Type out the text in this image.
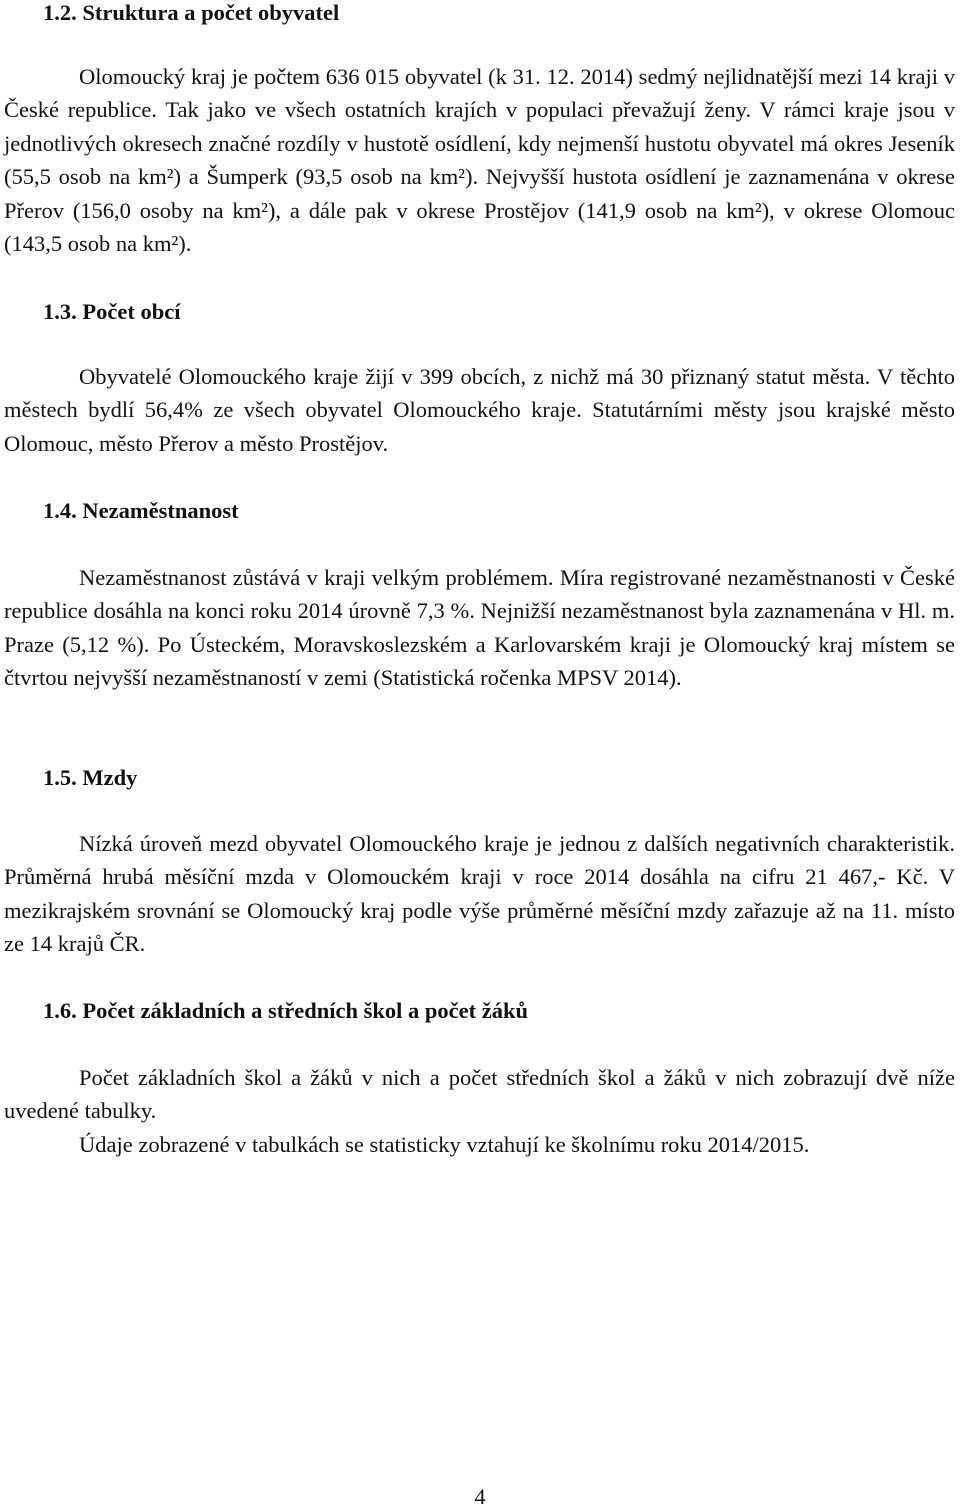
1.2. Struktura a počet obyvatel

Olomoucký kraj je počtem 636 015 obyvatel (k 31. 12. 2014) sedmý nejlidnatější mezi 14 kraji v České republice. Tak jako ve všech ostatních krajích v populaci převažují ženy. V rámci kraje jsou v jednotlivých okresech značné rozdíly v hustotě osídlení, kdy nejmenší hustotu obyvatel má okres Jeseník (55,5 osob na km²) a Šumperk (93,5 osob na km²). Nejvyšší hustota osídlení je zaznamenána v okrese Přerov (156,0 osoby na km²), a dále pak v okrese Prostějov (141,9 osob na km²), v okrese Olomouc (143,5 osob na km²).

1.3. Počet obcí

Obyvatelé Olomouckého kraje žijí v 399 obcích, z nichž má 30 přiznaný statut města. V těchto městech bydlí 56,4% ze všech obyvatel Olomouckého kraje. Statutárními městy jsou krajské město Olomouc, město Přerov a město Prostějov.

1.4. Nezaměstnanost

Nezaměstnanost zůstává v kraji velkým problémem. Míra registrované nezaměstnanosti v České republice dosáhla na konci roku 2014 úrovně 7,3 %. Nejnižší nezaměstnanost byla zaznamenána v Hl. m. Praze (5,12 %). Po Ústeckém, Moravskoslezském a Karlovarském kraji je Olomoucký kraj místem se čtvrtou nejvyšší nezaměstnaností v zemi (Statistická ročenka MPSV 2014).

1.5. Mzdy

Nízká úroveň mezd obyvatel Olomouckého kraje je jednou z dalších negativních charakteristik. Průměrná hrubá měsíční mzda v Olomouckém kraji v roce 2014 dosáhla na cifru 21 467,- Kč. V mezikrajském srovnání se Olomoucký kraj podle výše průměrné měsíční mzdy zařazuje až na 11. místo ze 14 krajů ČR.

1.6. Počet základních a středních škol a počet žáků

Počet základních škol a žáků v nich a počet středních škol a žáků v nich zobrazují dvě níže uvedené tabulky.

Údaje zobrazené v tabulkách se statisticky vztahují ke školnímu roku 2014/2015.
4
